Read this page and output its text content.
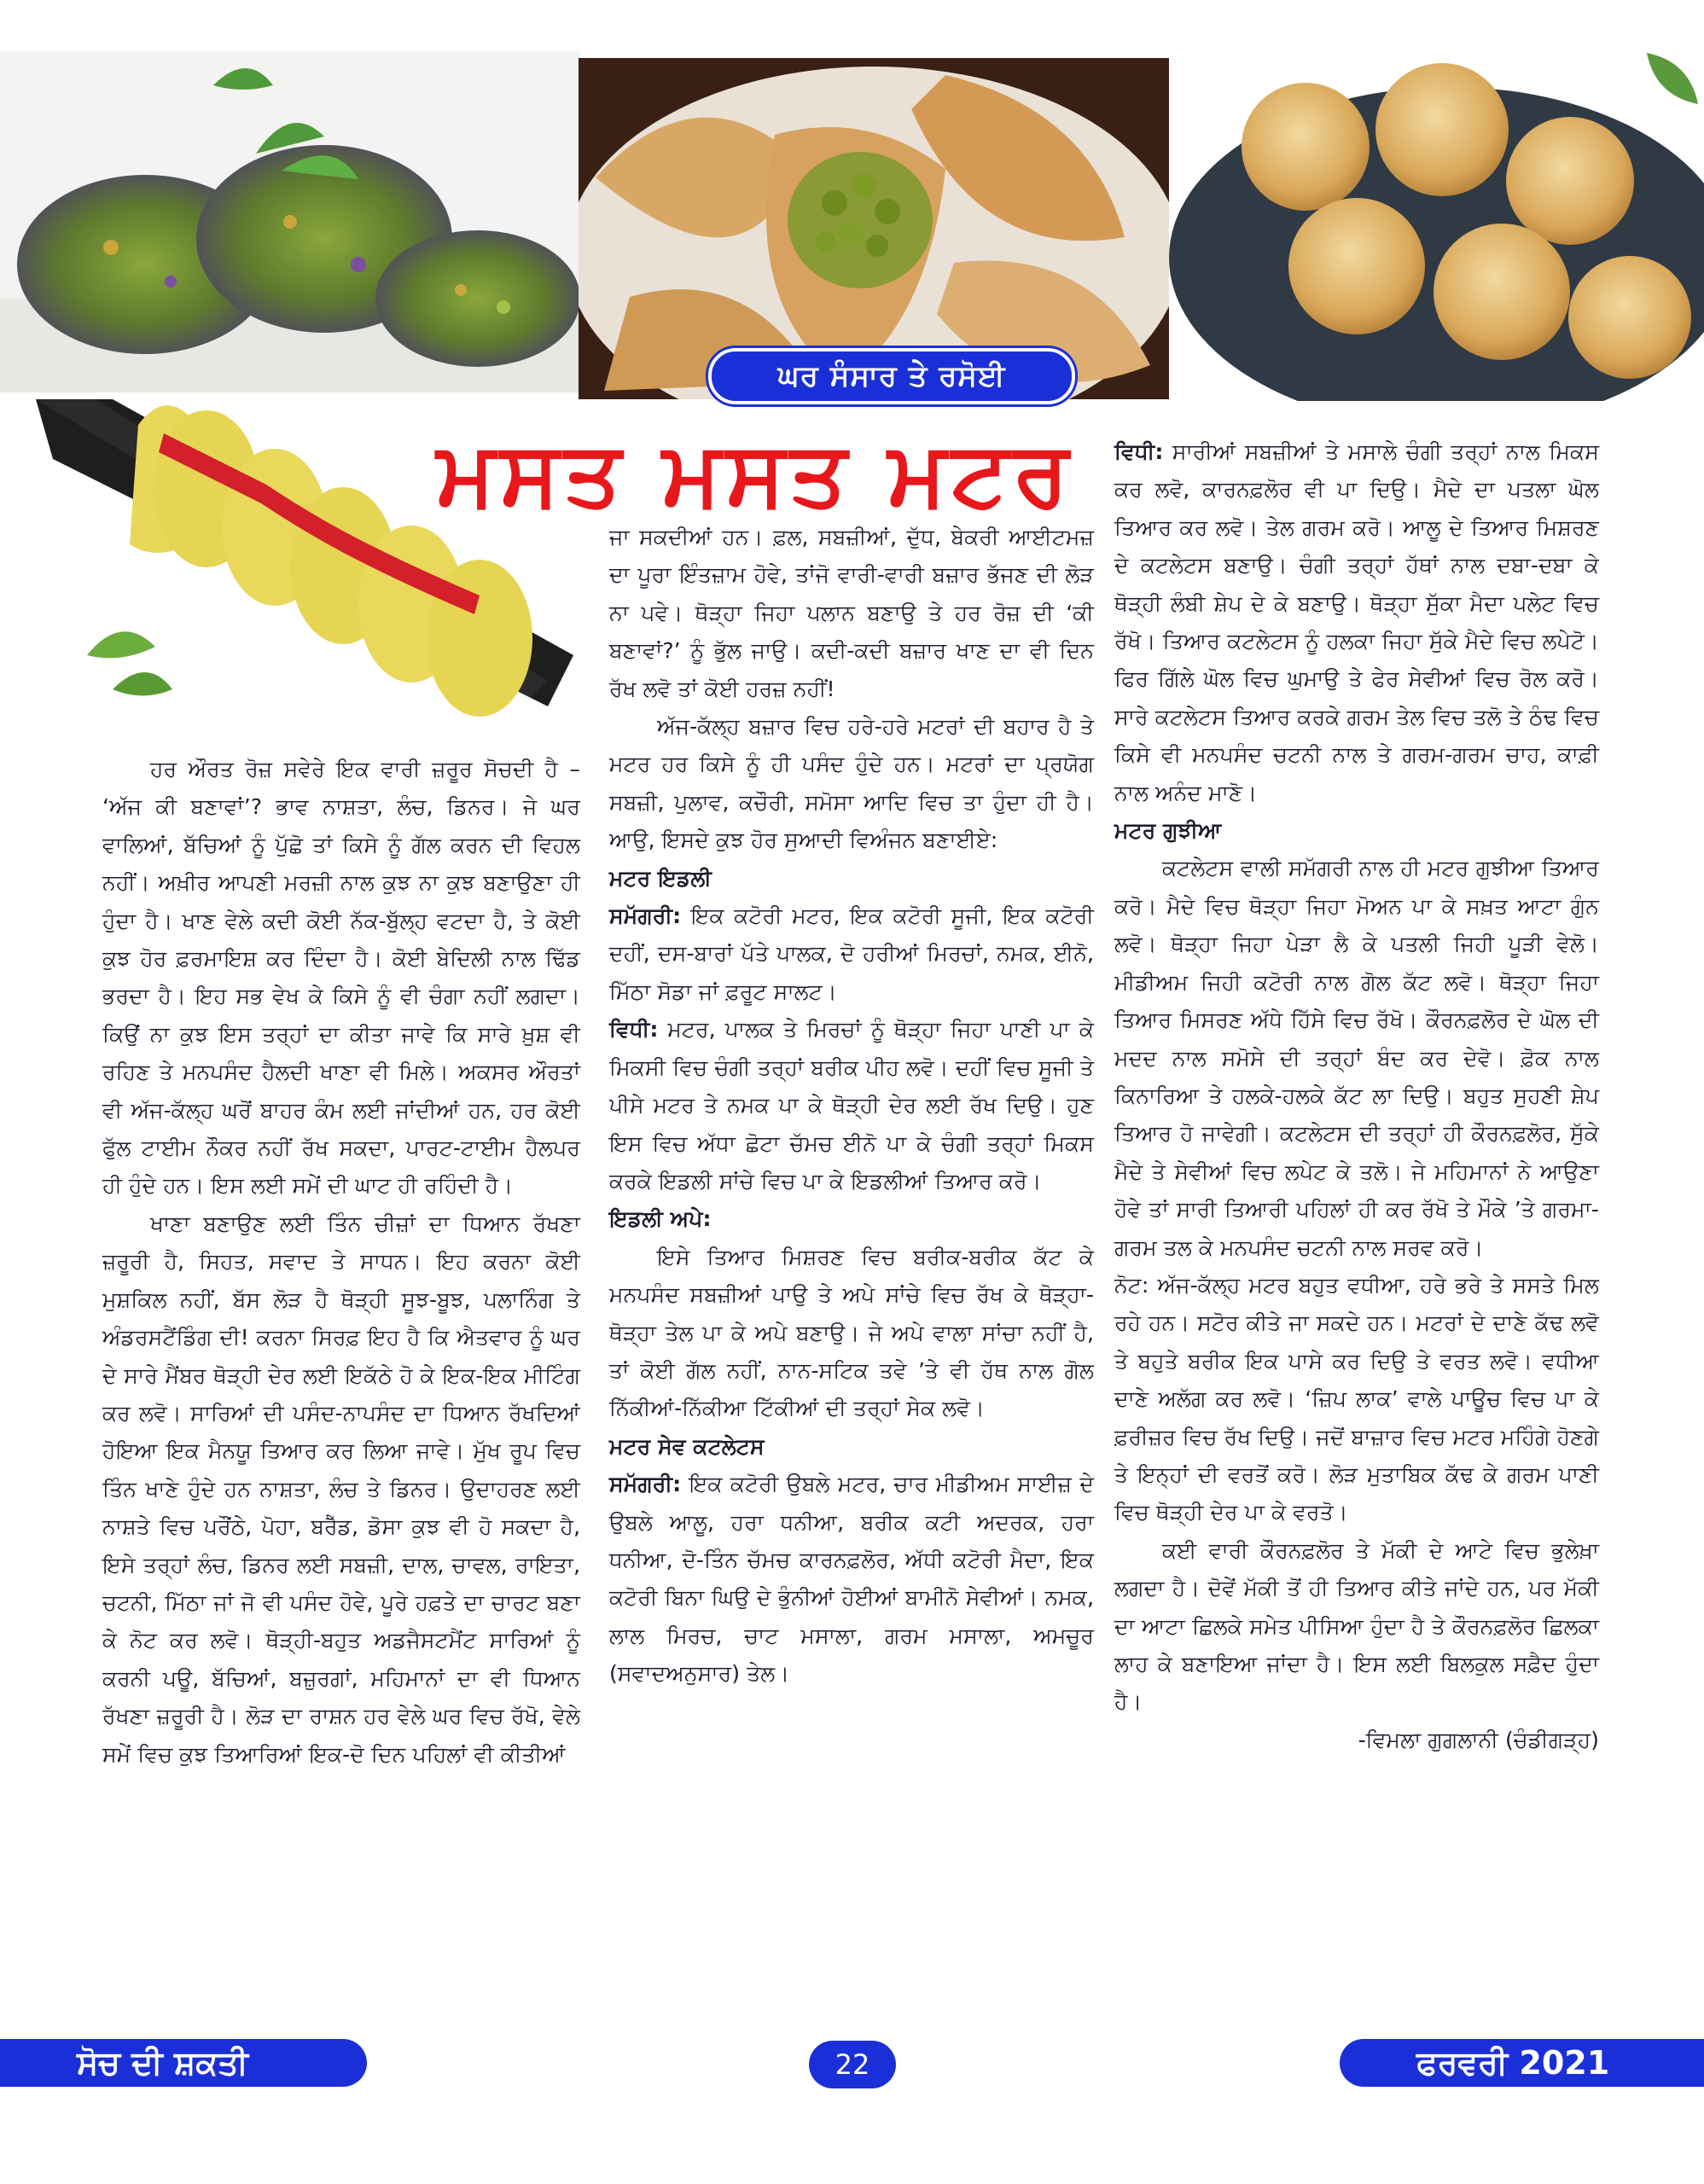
ਘਰ ਸੰਸਾਰ ਤੇ ਰਸੋਈ
ਮਸਤ ਮਸਤ ਮਟਰ

ਹਰ ਔਰਤ ਰੋਜ਼ ਸਵੇਰੇ ਇਕ ਵਾਰੀ ਜ਼ਰੂਰ ਸੋਚਦੀ ਹੈ – ‘ਅੱਜ ਕੀ ਬਣਾਵਾਂ’? ਭਾਵ ਨਾਸ਼ਤਾ, ਲੰਚ, ਡਿਨਰ। ਜੇ ਘਰ ਵਾਲਿਆਂ, ਬੱਚਿਆਂ ਨੂੰ ਪੁੱਛੋ ਤਾਂ ਕਿਸੇ ਨੂੰ ਗੱਲ ਕਰਨ ਦੀ ਵਿਹਲ ਨਹੀਂ। ਅਖ਼ੀਰ ਆਪਣੀ ਮਰਜ਼ੀ ਨਾਲ ਕੁਝ ਨਾ ਕੁਝ ਬਣਾਉਣਾ ਹੀ ਹੁੰਦਾ ਹੈ। ਖਾਣ ਵੇਲੇ ਕਦੀ ਕੋਈ ਨੱਕ-ਬੁੱਲ੍ਹ ਵਟਦਾ ਹੈ, ਤੇ ਕੋਈ ਕੁਝ ਹੋਰ ਫ਼ਰਮਾਇਸ਼ ਕਰ ਦਿੰਦਾ ਹੈ। ਕੋਈ ਬੇਦਿਲੀ ਨਾਲ ਢਿੱਡ ਭਰਦਾ ਹੈ। ਇਹ ਸਭ ਵੇਖ ਕੇ ਕਿਸੇ ਨੂੰ ਵੀ ਚੰਗਾ ਨਹੀਂ ਲਗਦਾ। ਕਿਉਂ ਨਾ ਕੁਝ ਇਸ ਤਰ੍ਹਾਂ ਦਾ ਕੀਤਾ ਜਾਵੇ ਕਿ ਸਾਰੇ ਖ਼ੁਸ਼ ਵੀ ਰਹਿਣ ਤੇ ਮਨਪਸੰਦ ਹੈਲਦੀ ਖਾਣਾ ਵੀ ਮਿਲੇ। ਅਕਸਰ ਔਰਤਾਂ ਵੀ ਅੱਜ-ਕੱਲ੍ਹ ਘਰੋਂ ਬਾਹਰ ਕੰਮ ਲਈ ਜਾਂਦੀਆਂ ਹਨ, ਹਰ ਕੋਈ ਫੁੱਲ ਟਾਈਮ ਨੌਕਰ ਨਹੀਂ ਰੱਖ ਸਕਦਾ, ਪਾਰਟ-ਟਾਈਮ ਹੈਲਪਰ ਹੀ ਹੁੰਦੇ ਹਨ। ਇਸ ਲਈ ਸਮੇਂ ਦੀ ਘਾਟ ਹੀ ਰਹਿੰਦੀ ਹੈ।

ਖਾਣਾ ਬਣਾਉਣ ਲਈ ਤਿੰਨ ਚੀਜ਼ਾਂ ਦਾ ਧਿਆਨ ਰੱਖਣਾ ਜ਼ਰੂਰੀ ਹੈ, ਸਿਹਤ, ਸਵਾਦ ਤੇ ਸਾਧਨ। ਇਹ ਕਰਨਾ ਕੋਈ ਮੁਸ਼ਕਿਲ ਨਹੀਂ, ਬੱਸ ਲੋੜ ਹੈ ਥੋੜ੍ਹੀ ਸੂਝ-ਬੂਝ, ਪਲਾਨਿੰਗ ਤੇ ਅੰਡਰਸਟੈਂਡਿੰਗ ਦੀ! ਕਰਨਾ ਸਿਰਫ਼ ਇਹ ਹੈ ਕਿ ਐਤਵਾਰ ਨੂੰ ਘਰ ਦੇ ਸਾਰੇ ਮੈਂਬਰ ਥੋੜ੍ਹੀ ਦੇਰ ਲਈ ਇਕੱਠੇ ਹੋ ਕੇ ਇਕ-ਇਕ ਮੀਟਿੰਗ ਕਰ ਲਵੋ। ਸਾਰਿਆਂ ਦੀ ਪਸੰਦ-ਨਾਪਸੰਦ ਦਾ ਧਿਆਨ ਰੱਖਦਿਆਂ ਹੋਇਆ ਇਕ ਮੈਨਯੂ ਤਿਆਰ ਕਰ ਲਿਆ ਜਾਵੇ। ਮੁੱਖ ਰੂਪ ਵਿਚ ਤਿੰਨ ਖਾਣੇ ਹੁੰਦੇ ਹਨ ਨਾਸ਼ਤਾ, ਲੰਚ ਤੇ ਡਿਨਰ। ਉਦਾਹਰਣ ਲਈ ਨਾਸ਼ਤੇ ਵਿਚ ਪਰੌਂਠੇ, ਪੋਹਾ, ਬਰੈੱਡ, ਡੋਸਾ ਕੁਝ ਵੀ ਹੋ ਸਕਦਾ ਹੈ, ਇਸੇ ਤਰ੍ਹਾਂ ਲੰਚ, ਡਿਨਰ ਲਈ ਸਬਜ਼ੀ, ਦਾਲ, ਚਾਵਲ, ਰਾਇਤਾ, ਚਟਨੀ, ਮਿੱਠਾ ਜਾਂ ਜੋ ਵੀ ਪਸੰਦ ਹੋਵੇ, ਪੂਰੇ ਹਫ਼ਤੇ ਦਾ ਚਾਰਟ ਬਣਾ ਕੇ ਨੋਟ ਕਰ ਲਵੋ। ਥੋੜ੍ਹੀ-ਬਹੁਤ ਅਡਜੈਸਟਮੈਂਟ ਸਾਰਿਆਂ ਨੂੰ ਕਰਨੀ ਪਊ, ਬੱਚਿਆਂ, ਬਜ਼ੁਰਗਾਂ, ਮਹਿਮਾਨਾਂ ਦਾ ਵੀ ਧਿਆਨ ਰੱਖਣਾ ਜ਼ਰੂਰੀ ਹੈ। ਲੋੜ ਦਾ ਰਾਸ਼ਨ ਹਰ ਵੇਲੇ ਘਰ ਵਿਚ ਰੱਖੋ, ਵੇਲੇ ਸਮੇਂ ਵਿਚ ਕੁਝ ਤਿਆਰਿਆਂ ਇਕ-ਦੋ ਦਿਨ ਪਹਿਲਾਂ ਵੀ ਕੀਤੀਆਂ

ਜਾ ਸਕਦੀਆਂ ਹਨ। ਫ਼ਲ, ਸਬਜ਼ੀਆਂ, ਦੁੱਧ, ਬੇਕਰੀ ਆਈਟਮਜ਼ ਦਾ ਪੂਰਾ ਇੰਤਜ਼ਾਮ ਹੋਵੇ, ਤਾਂਜੋ ਵਾਰੀ-ਵਾਰੀ ਬਜ਼ਾਰ ਭੱਜਣ ਦੀ ਲੋੜ ਨਾ ਪਵੇ। ਥੋੜ੍ਹਾ ਜਿਹਾ ਪਲਾਨ ਬਣਾਉ ਤੇ ਹਰ ਰੋਜ਼ ਦੀ ‘ਕੀ ਬਣਾਵਾਂ?’ ਨੂੰ ਭੁੱਲ ਜਾਉ। ਕਦੀ-ਕਦੀ ਬਜ਼ਾਰ ਖਾਣ ਦਾ ਵੀ ਦਿਨ ਰੱਖ ਲਵੋ ਤਾਂ ਕੋਈ ਹਰਜ਼ ਨਹੀਂ!

ਅੱਜ-ਕੱਲ੍ਹ ਬਜ਼ਾਰ ਵਿਚ ਹਰੇ-ਹਰੇ ਮਟਰਾਂ ਦੀ ਬਹਾਰ ਹੈ ਤੇ ਮਟਰ ਹਰ ਕਿਸੇ ਨੂੰ ਹੀ ਪਸੰਦ ਹੁੰਦੇ ਹਨ। ਮਟਰਾਂ ਦਾ ਪ੍ਰਯੋਗ ਸਬਜ਼ੀ, ਪੁਲਾਵ, ਕਚੌਰੀ, ਸਮੋਸਾ ਆਦਿ ਵਿਚ ਤਾ ਹੁੰਦਾ ਹੀ ਹੈ। ਆਉ, ਇਸਦੇ ਕੁਝ ਹੋਰ ਸੁਆਦੀ ਵਿਅੰਜਨ ਬਣਾਈਏ:

ਮਟਰ ਇਡਲੀ

ਸਮੱਗਰੀ: ਇਕ ਕਟੋਰੀ ਮਟਰ, ਇਕ ਕਟੋਰੀ ਸੂਜੀ, ਇਕ ਕਟੋਰੀ ਦਹੀਂ, ਦਸ-ਬਾਰਾਂ ਪੱਤੇ ਪਾਲਕ, ਦੋ ਹਰੀਆਂ ਮਿਰਚਾਂ, ਨਮਕ, ਈਨੋ, ਮਿੱਠਾ ਸੋਡਾ ਜਾਂ ਫ਼ਰੂਟ ਸਾਲਟ।

ਵਿਧੀ: ਮਟਰ, ਪਾਲਕ ਤੇ ਮਿਰਚਾਂ ਨੂੰ ਥੋੜ੍ਹਾ ਜਿਹਾ ਪਾਣੀ ਪਾ ਕੇ ਮਿਕਸੀ ਵਿਚ ਚੰਗੀ ਤਰ੍ਹਾਂ ਬਰੀਕ ਪੀਹ ਲਵੋ। ਦਹੀਂ ਵਿਚ ਸੂਜੀ ਤੇ ਪੀਸੇ ਮਟਰ ਤੇ ਨਮਕ ਪਾ ਕੇ ਥੋੜ੍ਹੀ ਦੇਰ ਲਈ ਰੱਖ ਦਿਉ। ਹੁਣ ਇਸ ਵਿਚ ਅੱਧਾ ਛੋਟਾ ਚੱਮਚ ਈਨੋ ਪਾ ਕੇ ਚੰਗੀ ਤਰ੍ਹਾਂ ਮਿਕਸ ਕਰਕੇ ਇਡਲੀ ਸਾਂਚੇ ਵਿਚ ਪਾ ਕੇ ਇਡਲੀਆਂ ਤਿਆਰ ਕਰੋ।

ਇਡਲੀ ਅਪੇ:

ਇਸੇ ਤਿਆਰ ਮਿਸ਼ਰਣ ਵਿਚ ਬਰੀਕ-ਬਰੀਕ ਕੱਟ ਕੇ ਮਨਪਸੰਦ ਸਬਜ਼ੀਆਂ ਪਾਉ ਤੇ ਅਪੇ ਸਾਂਚੇ ਵਿਚ ਰੱਖ ਕੇ ਥੋੜ੍ਹਾ-ਥੋੜ੍ਹਾ ਤੇਲ ਪਾ ਕੇ ਅਪੇ ਬਣਾਉ। ਜੇ ਅਪੇ ਵਾਲਾ ਸਾਂਚਾ ਨਹੀਂ ਹੈ, ਤਾਂ ਕੋਈ ਗੱਲ ਨਹੀਂ, ਨਾਨ-ਸਟਿਕ ਤਵੇ ’ਤੇ ਵੀ ਹੱਥ ਨਾਲ ਗੋਲ ਨਿੱਕੀਆਂ-ਨਿੱਕੀਆ ਟਿੱਕੀਆਂ ਦੀ ਤਰ੍ਹਾਂ ਸੇਕ ਲਵੋ।

ਮਟਰ ਸੇਵ ਕਟਲੇਟਸ

ਸਮੱਗਰੀ: ਇਕ ਕਟੋਰੀ ਉਬਲੇ ਮਟਰ, ਚਾਰ ਮੀਡੀਅਮ ਸਾਈਜ਼ ਦੇ ਉਬਲੇ ਆਲੂ, ਹਰਾ ਧਨੀਆ, ਬਰੀਕ ਕਟੀ ਅਦਰਕ, ਹਰਾ ਧਨੀਆ, ਦੋ-ਤਿੰਨ ਚੱਮਚ ਕਾਰਨਫ਼ਲੋਰ, ਅੱਧੀ ਕਟੋਰੀ ਮੈਦਾ, ਇਕ ਕਟੋਰੀ ਬਿਨਾ ਘਿਉ ਦੇ ਭੁੰਨੀਆਂ ਹੋਈਆਂ ਬਾਮੀਨੋ ਸੇਵੀਆਂ। ਨਮਕ, ਲਾਲ ਮਿਰਚ, ਚਾਟ ਮਸਾਲਾ, ਗਰਮ ਮਸਾਲਾ, ਅਮਚੂਰ (ਸਵਾਦਅਨੁਸਾਰ) ਤੇਲ।

ਵਿਧੀ: ਸਾਰੀਆਂ ਸਬਜ਼ੀਆਂ ਤੇ ਮਸਾਲੇ ਚੰਗੀ ਤਰ੍ਹਾਂ ਨਾਲ ਮਿਕਸ ਕਰ ਲਵੋ, ਕਾਰਨਫ਼ਲੋਰ ਵੀ ਪਾ ਦਿਉ। ਮੈਦੇ ਦਾ ਪਤਲਾ ਘੋਲ ਤਿਆਰ ਕਰ ਲਵੋ। ਤੇਲ ਗਰਮ ਕਰੋ। ਆਲੂ ਦੇ ਤਿਆਰ ਮਿਸ਼ਰਣ ਦੇ ਕਟਲੇਟਸ ਬਣਾਉ। ਚੰਗੀ ਤਰ੍ਹਾਂ ਹੱਥਾਂ ਨਾਲ ਦਬਾ-ਦਬਾ ਕੇ ਥੋੜ੍ਹੀ ਲੰਬੀ ਸ਼ੇਪ ਦੇ ਕੇ ਬਣਾਉ। ਥੋੜ੍ਹਾ ਸੁੱਕਾ ਮੈਦਾ ਪਲੇਟ ਵਿਚ ਰੱਖੋ। ਤਿਆਰ ਕਟਲੇਟਸ ਨੂੰ ਹਲਕਾ ਜਿਹਾ ਸੁੱਕੇ ਮੈਦੇ ਵਿਚ ਲਪੇਟੋ। ਫਿਰ ਗਿੱਲੇ ਘੋਲ ਵਿਚ ਘੁਮਾਉ ਤੇ ਫੇਰ ਸੇਵੀਆਂ ਵਿਚ ਰੋਲ ਕਰੋ। ਸਾਰੇ ਕਟਲੇਟਸ ਤਿਆਰ ਕਰਕੇ ਗਰਮ ਤੇਲ ਵਿਚ ਤਲੋ ਤੇ ਠੰਢ ਵਿਚ ਕਿਸੇ ਵੀ ਮਨਪਸੰਦ ਚਟਨੀ ਨਾਲ ਤੇ ਗਰਮ-ਗਰਮ ਚਾਹ, ਕਾਫ਼ੀ ਨਾਲ ਅਨੰਦ ਮਾਣੋ।

ਮਟਰ ਗੁਝੀਆ

ਕਟਲੇਟਸ ਵਾਲੀ ਸਮੱਗਰੀ ਨਾਲ ਹੀ ਮਟਰ ਗੁਝੀਆ ਤਿਆਰ ਕਰੋ। ਮੈਦੇ ਵਿਚ ਥੋੜ੍ਹਾ ਜਿਹਾ ਮੋਅਨ ਪਾ ਕੇ ਸਖ਼ਤ ਆਟਾ ਗੁੰਨ ਲਵੋ। ਥੋੜ੍ਹਾ ਜਿਹਾ ਪੇੜਾ ਲੈ ਕੇ ਪਤਲੀ ਜਿਹੀ ਪੂੜੀ ਵੇਲੋ। ਮੀਡੀਅਮ ਜਿਹੀ ਕਟੋਰੀ ਨਾਲ ਗੋਲ ਕੱਟ ਲਵੋ। ਥੋੜ੍ਹਾ ਜਿਹਾ ਤਿਆਰ ਮਿਸਰਣ ਅੱਧੇ ਹਿੱਸੇ ਵਿਚ ਰੱਖੋ। ਕੌਰਨਫ਼ਲੋਰ ਦੇ ਘੋਲ ਦੀ ਮਦਦ ਨਾਲ ਸਮੋਸੇ ਦੀ ਤਰ੍ਹਾਂ ਬੰਦ ਕਰ ਦੇਵੋ। ਫ਼ੋਕ ਨਾਲ ਕਿਨਾਰਿਆ ਤੇ ਹਲਕੇ-ਹਲਕੇ ਕੱਟ ਲਾ ਦਿਉ। ਬਹੁਤ ਸੁਹਣੀ ਸ਼ੇਪ ਤਿਆਰ ਹੋ ਜਾਵੇਗੀ। ਕਟਲੇਟਸ ਦੀ ਤਰ੍ਹਾਂ ਹੀ ਕੌਰਨਫ਼ਲੋਰ, ਸੁੱਕੇ ਮੈਦੇ ਤੇ ਸੇਵੀਆਂ ਵਿਚ ਲਪੇਟ ਕੇ ਤਲੋ। ਜੇ ਮਹਿਮਾਨਾਂ ਨੇ ਆਉਣਾ ਹੋਵੇ ਤਾਂ ਸਾਰੀ ਤਿਆਰੀ ਪਹਿਲਾਂ ਹੀ ਕਰ ਰੱਖੋ ਤੇ ਮੌਕੇ ’ਤੇ ਗਰਮਾ-ਗਰਮ ਤਲ ਕੇ ਮਨਪਸੰਦ ਚਟਨੀ ਨਾਲ ਸਰਵ ਕਰੋ।

ਨੋਟ: ਅੱਜ-ਕੱਲ੍ਹ ਮਟਰ ਬਹੁਤ ਵਧੀਆ, ਹਰੇ ਭਰੇ ਤੇ ਸਸਤੇ ਮਿਲ ਰਹੇ ਹਨ। ਸਟੋਰ ਕੀਤੇ ਜਾ ਸਕਦੇ ਹਨ। ਮਟਰਾਂ ਦੇ ਦਾਣੇ ਕੱਢ ਲਵੋ ਤੇ ਬਹੁਤੇ ਬਰੀਕ ਇਕ ਪਾਸੇ ਕਰ ਦਿਉ ਤੇ ਵਰਤ ਲਵੋ। ਵਧੀਆ ਦਾਣੇ ਅਲੱਗ ਕਰ ਲਵੋ। ‘ਜ਼ਿਪ ਲਾਕ’ ਵਾਲੇ ਪਾਊਚ ਵਿਚ ਪਾ ਕੇ ਫ਼ਰੀਜ਼ਰ ਵਿਚ ਰੱਖ ਦਿਉ। ਜਦੋਂ ਬਾਜ਼ਾਰ ਵਿਚ ਮਟਰ ਮਹਿੰਗੇ ਹੋਣਗੇ ਤੇ ਇਨ੍ਹਾਂ ਦੀ ਵਰਤੋਂ ਕਰੋ। ਲੋੜ ਮੁਤਾਬਿਕ ਕੱਢ ਕੇ ਗਰਮ ਪਾਣੀ ਵਿਚ ਥੋੜ੍ਹੀ ਦੇਰ ਪਾ ਕੇ ਵਰਤੋ।

ਕਈ ਵਾਰੀ ਕੌਰਨਫ਼ਲੋਰ ਤੇ ਮੱਕੀ ਦੇ ਆਟੇ ਵਿਚ ਭੁਲੇਖ਼ਾ ਲਗਦਾ ਹੈ। ਦੋਵੇਂ ਮੱਕੀ ਤੋਂ ਹੀ ਤਿਆਰ ਕੀਤੇ ਜਾਂਦੇ ਹਨ, ਪਰ ਮੱਕੀ ਦਾ ਆਟਾ ਛਿਲਕੇ ਸਮੇਤ ਪੀਸਿਆ ਹੁੰਦਾ ਹੈ ਤੇ ਕੌਰਨਫ਼ਲੋਰ ਛਿਲਕਾ ਲਾਹ ਕੇ ਬਣਾਇਆ ਜਾਂਦਾ ਹੈ। ਇਸ ਲਈ ਬਿਲਕੁਲ ਸਫ਼ੈਦ ਹੁੰਦਾ ਹੈ।

-ਵਿਮਲਾ ਗੁਗਲਾਨੀ (ਚੰਡੀਗੜ੍ਹ)

ਸੋਚ ਦੀ ਸ਼ਕਤੀ	22	ਫਰਵਰੀ 2021
